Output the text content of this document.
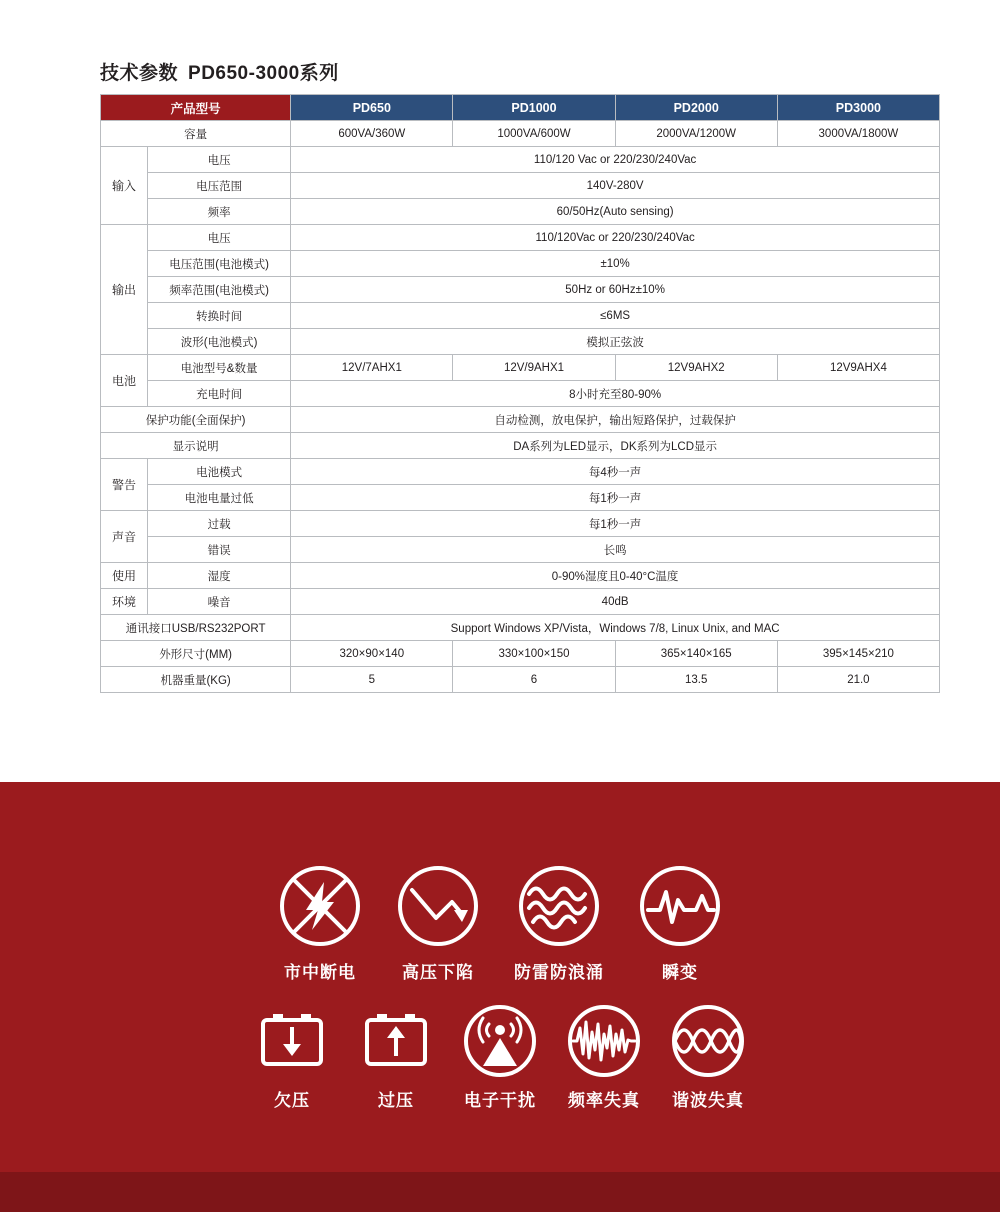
技术参数 PD650-3000系列
产品型号		PD650	PD1000	PD2000	PD3000
容量		600VA/360W	1000VA/600W	2000VA/1200W	3000VA/1800W
输入	电压	110/120 Vac or 220/230/240Vac			
	电压范围	140V-280V			
	频率	60/50Hz(Auto sensing)			
输出	电压	110/120Vac or 220/230/240Vac			
	电压范围(电池模式)	±10%			
	频率范围(电池模式)	50Hz or 60Hz±10%			
	转换时间	≤6MS			
	波形(电池模式)	模拟正弦波			
电池	电池型号&数量	12V/7AHX1	12V/9AHX1	12V9AHX2	12V9AHX4
	充电时间	8小时充至80-90%			
保护功能(全面保护)		自动检测，放电保护，输出短路保护，过载保护			
显示说明		DA系列为LED显示，DK系列为LCD显示			
警告	电池模式	每4秒一声			
	电池电量过低	每1秒一声			
声音	过载	每1秒一声			
	错误	长鸣			
使用	湿度	0-90%湿度且0-40°C温度			
环境	噪音	40dB			
通讯接口USB/RS232PORT		Support Windows XP/Vista，Windows 7/8, Linux Unix, and MAC			
外形尺寸(MM)		320×90×140	330×100×150	365×140×165	395×145×210
机器重量(KG)		5	6	13.5	21.0
市中断电	高压下陷 防雷防浪涌	瞬变
欠压	过压	电子干扰 频率失真 谐波失真
